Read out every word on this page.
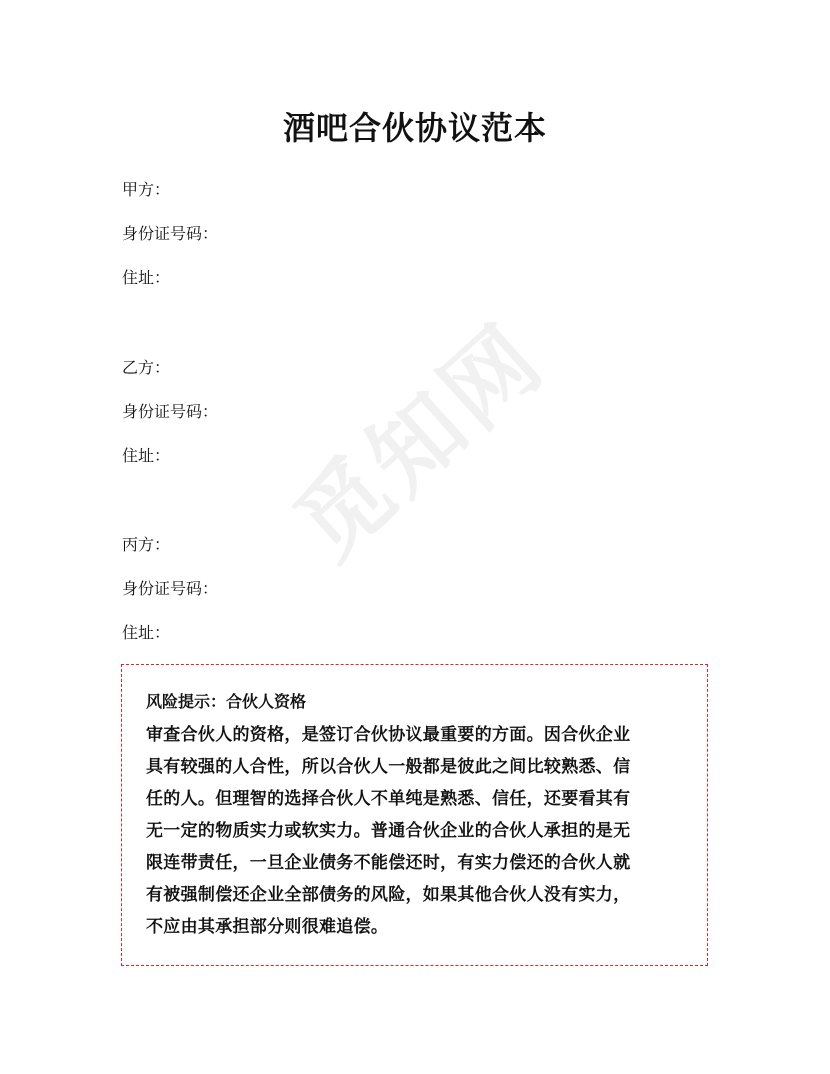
觅知网
酒吧合伙协议范本
甲方：
身份证号码：
住址：
乙方：
身份证号码：
住址：
丙方：
身份证号码：
住址：
风险提示：合伙人资格
审查合伙人的资格，是签订合伙协议最重要的方面。因合伙企业
具有较强的人合性，所以合伙人一般都是彼此之间比较熟悉、信
任的人。但理智的选择合伙人不单纯是熟悉、信任，还要看其有
无一定的物质实力或软实力。普通合伙企业的合伙人承担的是无
限连带责任，一旦企业债务不能偿还时，有实力偿还的合伙人就
有被强制偿还企业全部债务的风险，如果其他合伙人没有实力，
不应由其承担部分则很难追偿。
